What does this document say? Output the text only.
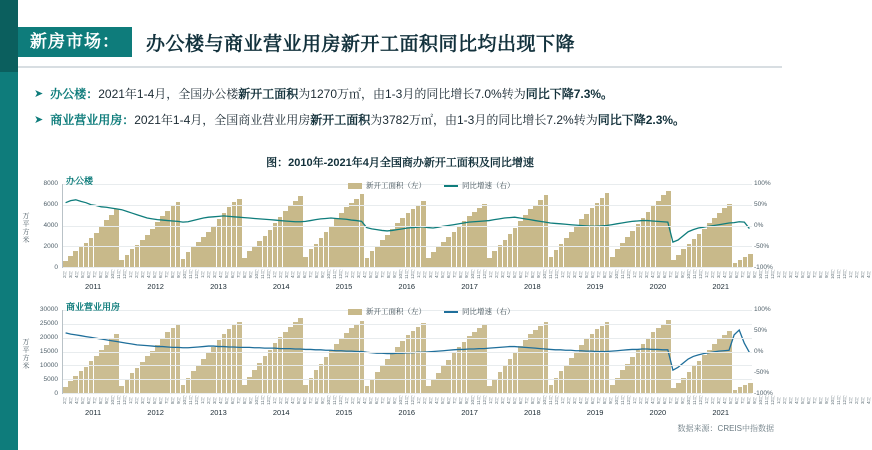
新房市场：	办公楼与商业营业用房新开工面积同比均出现下降
➤ 办公楼：2021年1-4月，全国办公楼新开工面积为1270万㎡，由1-3月的同比增长7.0%转为同比下降7.3%。
➤ 商业营业用房：2021年1-4月，全国商业营业用房新开工面积为3782万㎡，由1-3月的同比增长7.2%转为同比下降2.3%。
图：2010年-2021年4月全国商办新开工面积及同比增速
办公楼
万平方米
新开工面积（左）	同比增速（右）
0
2000
4000
6000
8000
-100%
-50%
0%
50%
100%
2月 3月 4月 5月 6月 7月 8月 9月 10月 11月 12月 1月 2月 3月 4月 5月 6月 7月 8月 9月 10月 11月 12月 1月 2月 3月 4月 5月 6月 7月 8月 9月 10月 11月 12月 1月 2月 3月 4月 5月 6月 7月 8月 9月 10月 11月 12月 1月 2月 3月 4月 5月 6月 7月 8月 9月 10月 11月 12月 1月 2月 3月 4月 5月 6月 7月 8月 9月 10月 11月 12月 1月 2月 3月 4月 5月 6月 7月 8月 9月 10月 11月 12月 1月 2月 3月 4月 5月 6月 7月 8月 9月 10月 11月 12月 1月 2月 3月 4月 5月 6月 7月 8月 9月 10月 11月 12月 1月 2月 3月 4月 5月 6月 7月 8月 9月 10月 11月 12月 1月 2月 3月 4月 5月 6月 7月 8月 9月 10月 11月 12月 1月 2月 3月 4月
2011	2012	2013	2014	2015	2016	2017	2018	2019	2020	2021
商业营业用房
万平方米
新开工面积（左）	同比增速（右）
0
5000
10000
15000
20000
25000
30000
-100%
-50%
0%
50%
100%
2月 3月 4月 5月 6月 7月 8月 9月 10月 11月 12月 1月 2月 3月 4月 5月 6月 7月 8月 9月 10月 11月 12月 1月 2月 3月 4月 5月 6月 7月 8月 9月 10月 11月 12月 1月 2月 3月 4月 5月 6月 7月 8月 9月 10月 11月 12月 1月 2月 3月 4月 5月 6月 7月 8月 9月 10月 11月 12月 1月 2月 3月 4月 5月 6月 7月 8月 9月 10月 11月 12月 1月 2月 3月 4月 5月 6月 7月 8月 9月 10月 11月 12月 1月 2月 3月 4月 5月 6月 7月 8月 9月 10月 11月 12月 1月 2月 3月 4月 5月 6月 7月 8月 9月 10月 11月 12月 1月 2月 3月 4月 5月 6月 7月 8月 9月 10月 11月 12月 1月 2月 3月 4月 5月 6月 7月 8月 9月 10月 11月 12月 1月 2月 3月 4月
2011	2012	2013	2014	2015	2016	2017	2018	2019	2020	2021
数据来源：CREIS中指数据
